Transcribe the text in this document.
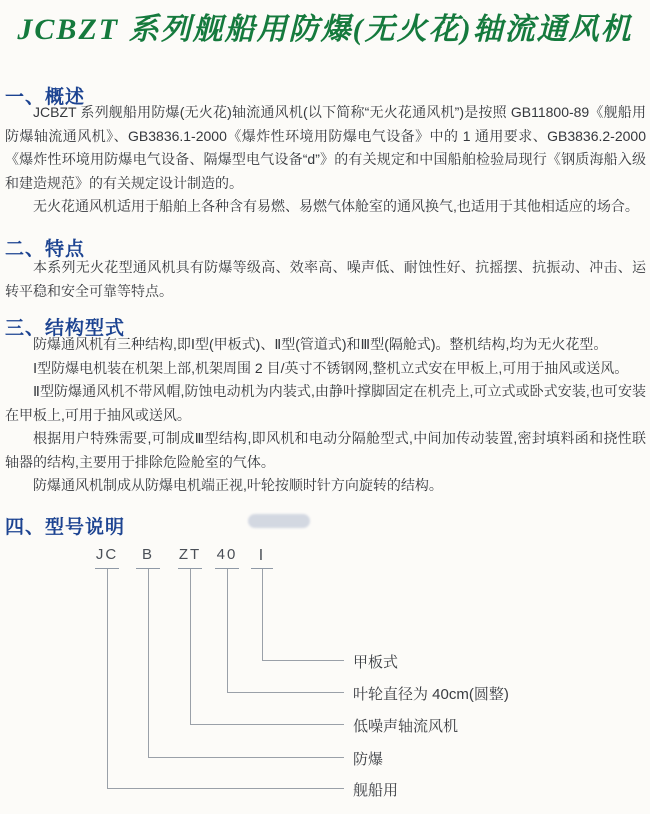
JCBZT 系列舰船用防爆(无火花)轴流通风机
一、概述

JCBZT 系列舰船用防爆(无火花)轴流通风机(以下简称“无火花通风机”)是按照 GB11800-89《舰船用防爆轴流通风机》、GB3836.1-2000《爆炸性环境用防爆电气设备》中的 1 通用要求、GB3836.2-2000《爆炸性环境用防爆电气设备、隔爆型电气设备“d”》的有关规定和中国船舶检验局现行《钢质海船入级和建造规范》的有关规定设计制造的。

无火花通风机适用于船舶上各种含有易燃、易燃气体舱室的通风换气,也适用于其他相适应的场合。

二、特点

本系列无火花型通风机具有防爆等级高、效率高、噪声低、耐蚀性好、抗摇摆、抗振动、冲击、运转平稳和安全可靠等特点。

三、结构型式

防爆通风机有三种结构,即Ⅰ型(甲板式)、Ⅱ型(管道式)和Ⅲ型(隔舱式)。整机结构,均为无火花型。

Ⅰ型防爆电机装在机架上部,机架周围 2 目/英寸不锈钢网,整机立式安在甲板上,可用于抽风或送风。

Ⅱ型防爆通风机不带风帽,防蚀电动机为内装式,由静叶撑脚固定在机壳上,可立式或卧式安装,也可安装在甲板上,可用于抽风或送风。

根据用户特殊需要,可制成Ⅲ型结构,即风机和电动分隔舱型式,中间加传动装置,密封填料函和挠性联轴器的结构,主要用于排除危险舱室的气体。

防爆通风机制成从防爆电机端正视,叶轮按顺时针方向旋转的结构。

四、型号说明
JC B ZT 40 Ⅰ
甲板式
叶轮直径为 40cm(圆整)
低噪声轴流风机
防爆
舰船用
